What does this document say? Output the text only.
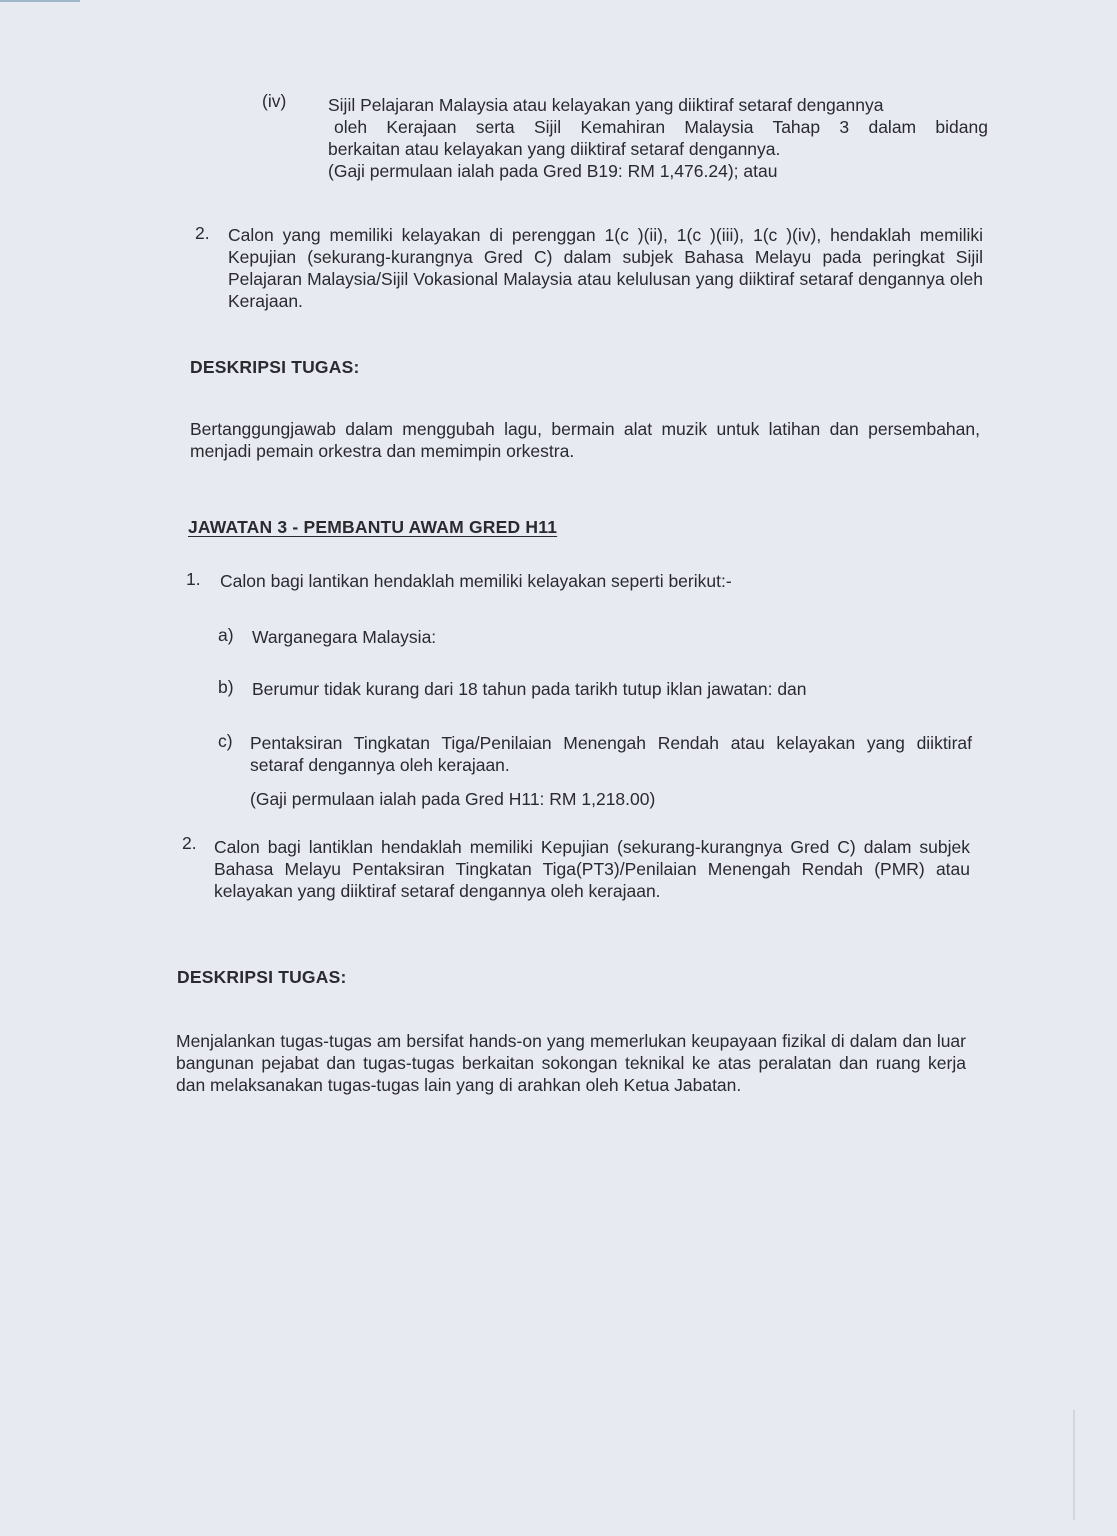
(iv) Sijil Pelajaran Malaysia atau kelayakan yang diiktiraf setaraf dengannya
oleh Kerajaan serta Sijil Kemahiran Malaysia Tahap 3 dalam bidang
berkaitan atau kelayakan yang diiktiraf setaraf dengannya.
(Gaji permulaan ialah pada Gred B19: RM 1,476.24); atau
2. Calon yang memiliki kelayakan di perenggan 1(c )(ii), 1(c )(iii), 1(c )(iv), hendaklah memiliki Kepujian (sekurang-kurangnya Gred C) dalam subjek Bahasa Melayu pada peringkat Sijil Pelajaran Malaysia/Sijil Vokasional Malaysia atau kelulusan yang diiktiraf setaraf dengannya oleh Kerajaan.
DESKRIPSI TUGAS:
Bertanggungjawab dalam menggubah lagu, bermain alat muzik untuk latihan dan persembahan, menjadi pemain orkestra dan memimpin orkestra.
JAWATAN 3 - PEMBANTU AWAM GRED H11
1. Calon bagi lantikan hendaklah memiliki kelayakan seperti berikut:-
a) Warganegara Malaysia:
b) Berumur tidak kurang dari 18 tahun pada tarikh tutup iklan jawatan: dan
c) Pentaksiran Tingkatan Tiga/Penilaian Menengah Rendah atau kelayakan yang diiktiraf setaraf dengannya oleh kerajaan.
(Gaji permulaan ialah pada Gred H11: RM 1,218.00)
2. Calon bagi lantiklan hendaklah memiliki Kepujian (sekurang-kurangnya Gred C) dalam subjek Bahasa Melayu Pentaksiran Tingkatan Tiga(PT3)/Penilaian Menengah Rendah (PMR) atau kelayakan yang diiktiraf setaraf dengannya oleh kerajaan.
DESKRIPSI TUGAS:
Menjalankan tugas-tugas am bersifat hands-on yang memerlukan keupayaan fizikal di dalam dan luar bangunan pejabat dan tugas-tugas berkaitan sokongan teknikal ke atas peralatan dan ruang kerja dan melaksanakan tugas-tugas lain yang di arahkan oleh Ketua Jabatan.
